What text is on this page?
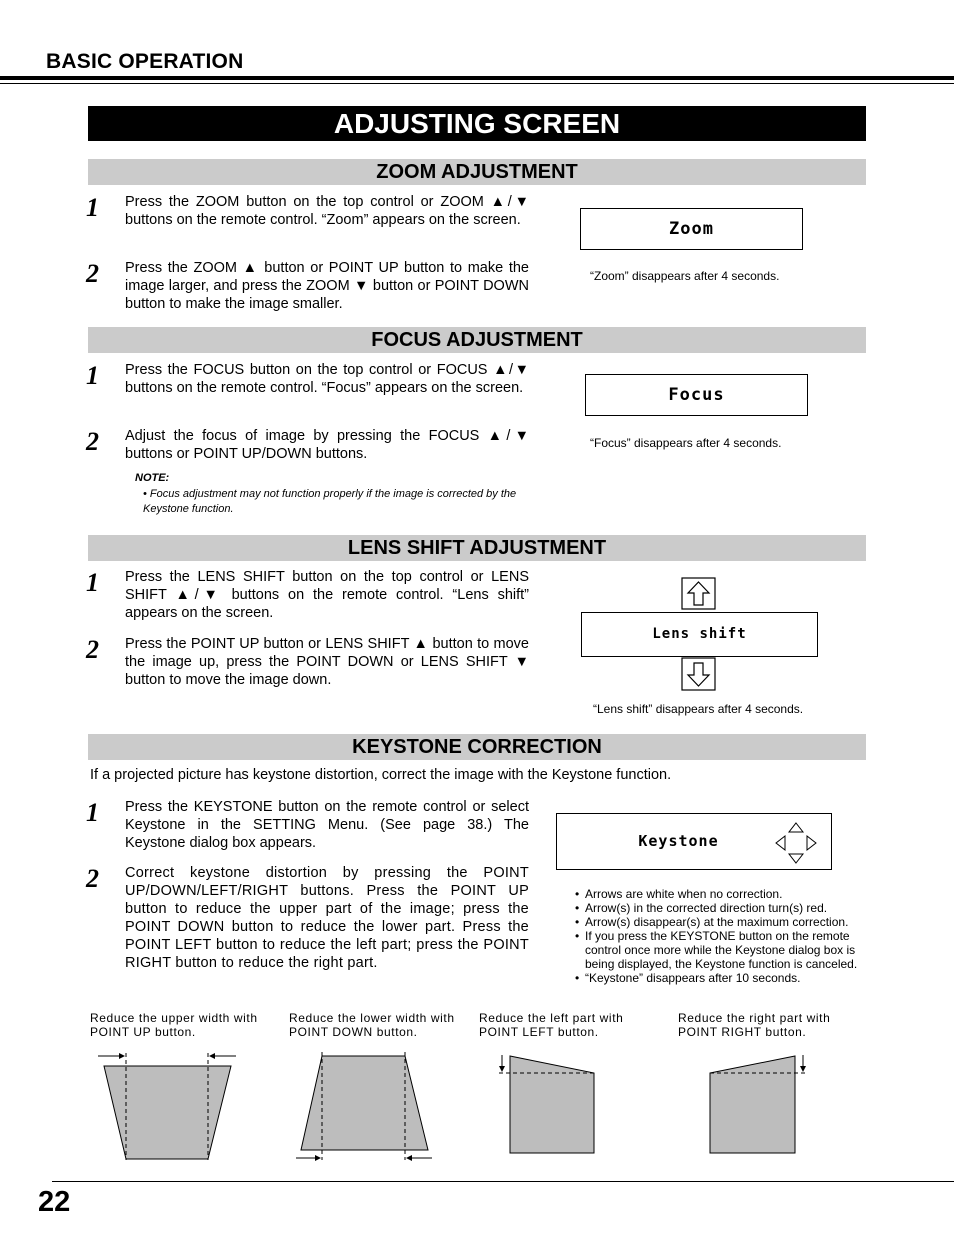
BASIC OPERATION
ADJUSTING SCREEN
ZOOM ADJUSTMENT
1 Press the ZOOM button on the top control or ZOOM ▲/▼ buttons on the remote control. “Zoom” appears on the screen.
2 Press the ZOOM ▲ button or POINT UP button to make the image larger, and press the ZOOM ▼ button or POINT DOWN button to make the image smaller.
Zoom
“Zoom” disappears after 4 seconds.
FOCUS ADJUSTMENT
1 Press the FOCUS button on the top control or FOCUS ▲/▼ buttons on the remote control. “Focus” appears on the screen.
2 Adjust the focus of image by pressing the FOCUS ▲/▼ buttons or POINT UP/DOWN buttons.
Focus
“Focus” disappears after 4 seconds.
NOTE:
• Focus adjustment may not function properly if the image is corrected by the Keystone function.
LENS SHIFT ADJUSTMENT
1 Press the LENS SHIFT button on the top control or LENS SHIFT ▲/▼ buttons on the remote control. “Lens shift” appears on the screen.
2 Press the POINT UP button or LENS SHIFT ▲ button to move the image up, press the POINT DOWN or LENS SHIFT ▼ button to move the image down.
Lens shift
“Lens shift” disappears after 4 seconds.
KEYSTONE CORRECTION
If a projected picture has keystone distortion, correct the image with the Keystone function.
1 Press the KEYSTONE button on the remote control or select Keystone in the SETTING Menu. (See page 38.) The Keystone dialog box appears.
2 Correct keystone distortion by pressing the POINT UP/DOWN/LEFT/RIGHT buttons. Press the POINT UP button to reduce the upper part of the image; press the POINT DOWN button to reduce the lower part. Press the POINT LEFT button to reduce the left part; press the POINT RIGHT button to reduce the right part.
Keystone
• Arrows are white when no correction.
• Arrow(s) in the corrected direction turn(s) red.
• Arrow(s) disappear(s) at the maximum correction.
• If you press the KEYSTONE button on the remote control once more while the Keystone dialog box is being displayed, the Keystone function is canceled.
• “Keystone” disappears after 10 seconds.
Reduce the upper width with POINT UP button.
Reduce the lower width with POINT DOWN button.
Reduce the left part with POINT LEFT button.
Reduce the right part with POINT RIGHT button.
22
